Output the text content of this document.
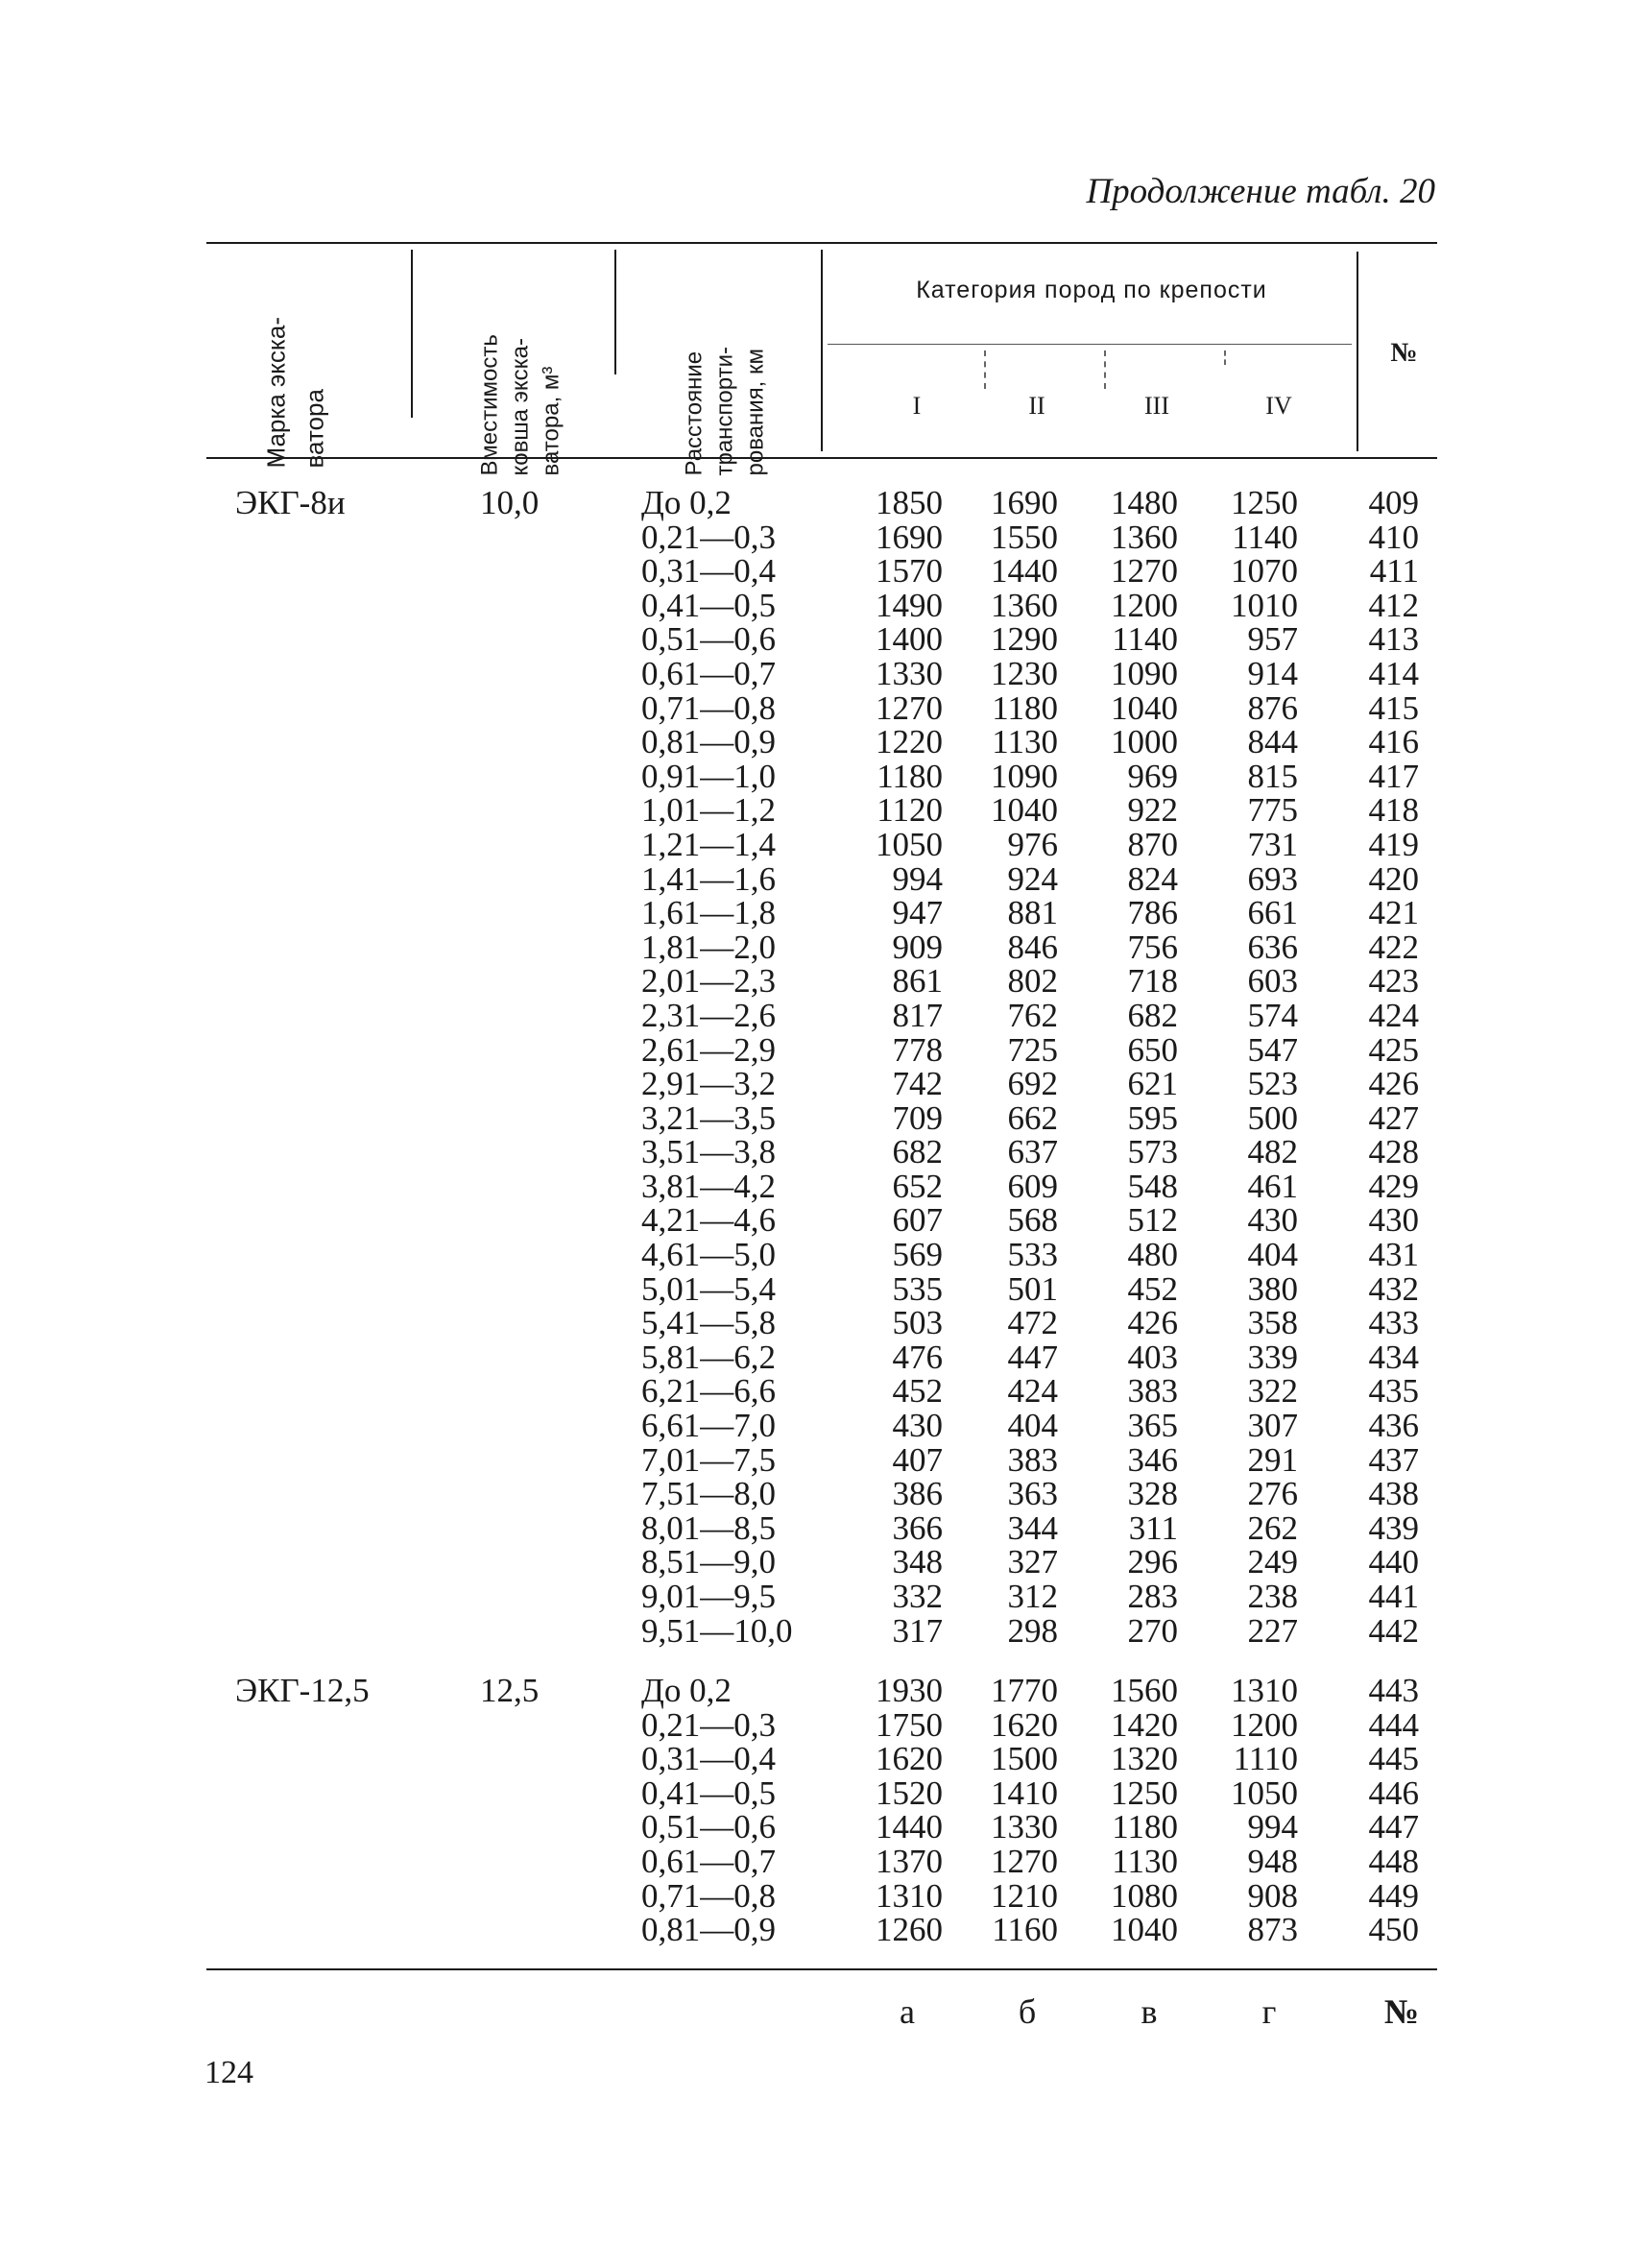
Продолжение табл. 20
Марка экска- ватора	Вместимость ковша экска- ватора, м³	Расстояние транспорти- рования, км
Категория пород по крепости
I	II	III	IV
№
ЭКГ-8и	10,0	До 0,2	1850	1690	1480	1250	409
0,21—0,3	1690	1550	1360	1140	410
0,31—0,4	1570	1440	1270	1070	411
0,41—0,5	1490	1360	1200	1010	412
0,51—0,6	1400	1290	1140	957	413
0,61—0,7	1330	1230	1090	914	414
0,71—0,8	1270	1180	1040	876	415
0,81—0,9	1220	1130	1000	844	416
0,91—1,0	1180	1090	969	815	417
1,01—1,2	1120	1040	922	775	418
1,21—1,4	1050	976	870	731	419
1,41—1,6	994	924	824	693	420
1,61—1,8	947	881	786	661	421
1,81—2,0	909	846	756	636	422
2,01—2,3	861	802	718	603	423
2,31—2,6	817	762	682	574	424
2,61—2,9	778	725	650	547	425
2,91—3,2	742	692	621	523	426
3,21—3,5	709	662	595	500	427
3,51—3,8	682	637	573	482	428
3,81—4,2	652	609	548	461	429
4,21—4,6	607	568	512	430	430
4,61—5,0	569	533	480	404	431
5,01—5,4	535	501	452	380	432
5,41—5,8	503	472	426	358	433
5,81—6,2	476	447	403	339	434
6,21—6,6	452	424	383	322	435
6,61—7,0	430	404	365	307	436
7,01—7,5	407	383	346	291	437
7,51—8,0	386	363	328	276	438
8,01—8,5	366	344	311	262	439
8,51—9,0	348	327	296	249	440
9,01—9,5	332	312	283	238	441
9,51—10,0	317	298	270	227	442
ЭКГ-12,5	12,5	До 0,2	1930	1770	1560	1310	443
0,21—0,3	1750	1620	1420	1200	444
0,31—0,4	1620	1500	1320	1110	445
0,41—0,5	1520	1410	1250	1050	446
0,51—0,6	1440	1330	1180	994	447
0,61—0,7	1370	1270	1130	948	448
0,71—0,8	1310	1210	1080	908	449
0,81—0,9	1260	1160	1040	873	450
а	б	в	г	№
124
